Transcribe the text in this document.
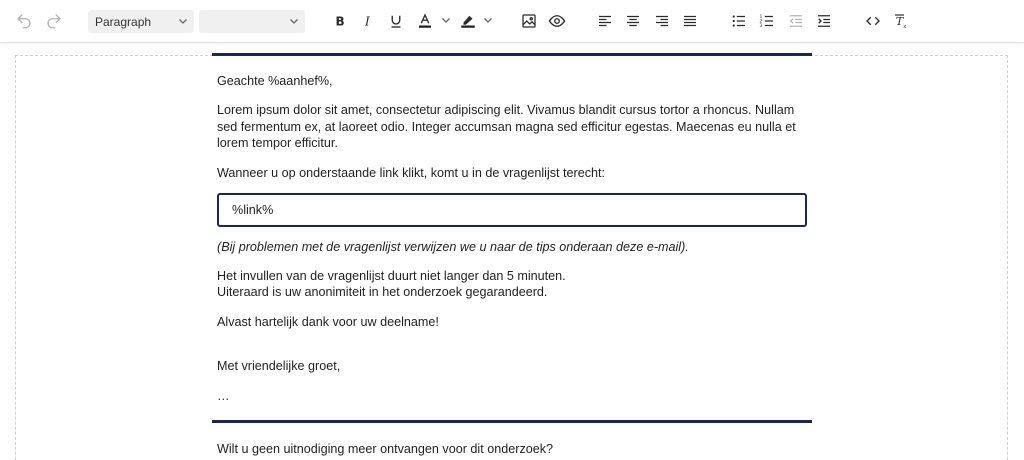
Paragraph	B I	1
2
3	T x
Geachte %aanhef%,
Lorem ipsum dolor sit amet, consectetur adipiscing elit. Vivamus blandit cursus tortor a rhoncus. Nullam sed fermentum ex, at laoreet odio. Integer accumsan magna sed efficitur egestas. Maecenas eu nulla et lorem tempor efficitur.
Wanneer u op onderstaande link klikt, komt u in de vragenlijst terecht:
%link%
(Bij problemen met de vragenlijst verwijzen we u naar de tips onderaan deze e-mail).
Het invullen van de vragenlijst duurt niet langer dan 5 minuten.
Uiteraard is uw anonimiteit in het onderzoek gegarandeerd.
Alvast hartelijk dank voor uw deelname!
Met vriendelijke groet,
…
Wilt u geen uitnodiging meer ontvangen voor dit onderzoek?
